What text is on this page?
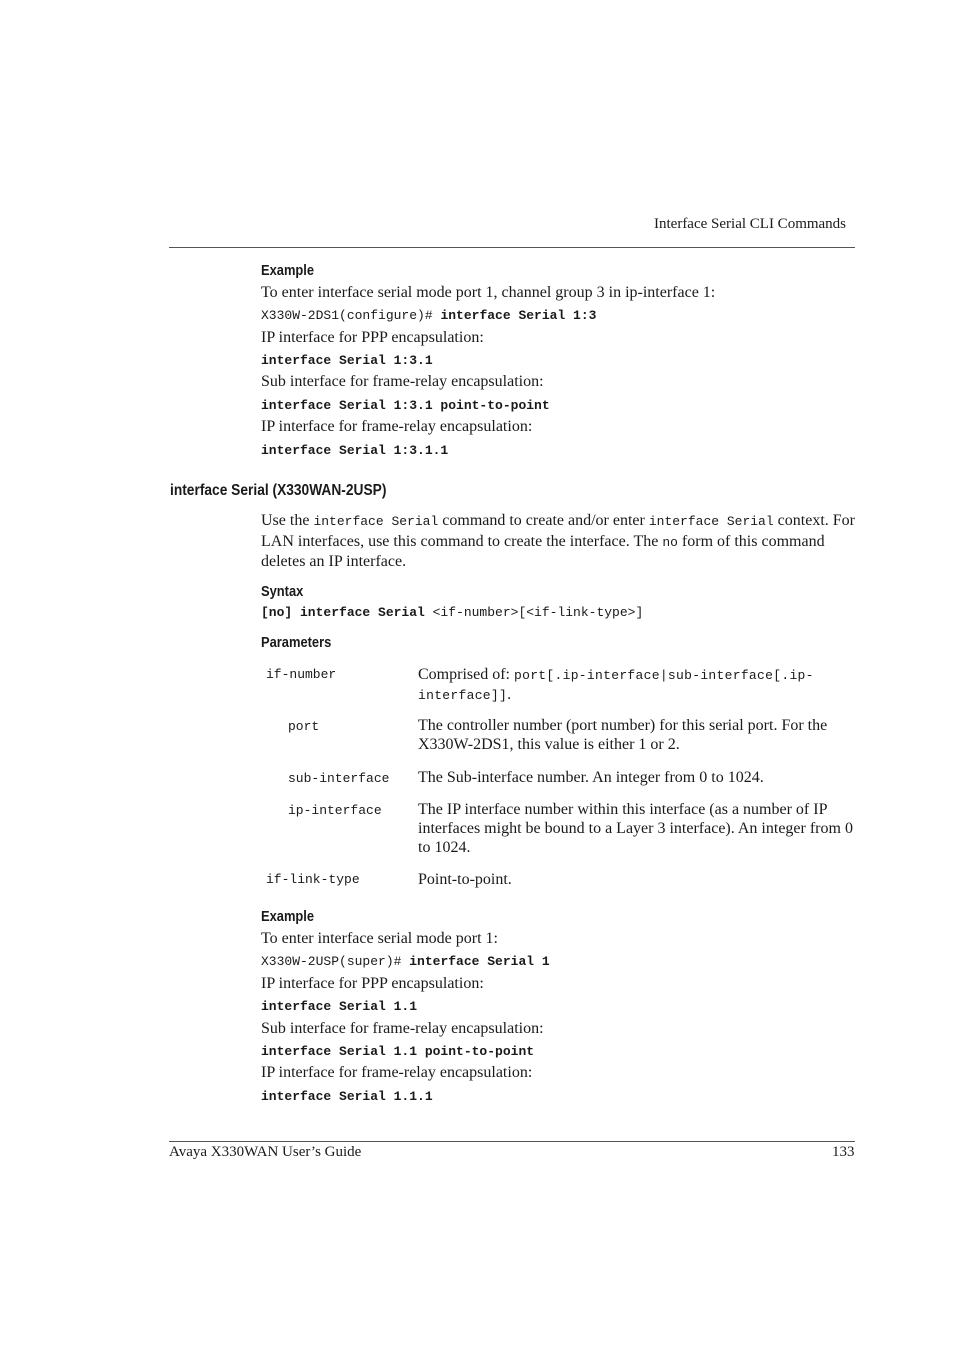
Interface Serial CLI Commands
Example
To enter interface serial mode port 1, channel group 3 in ip-interface 1:
X330W-2DS1(configure)# interface Serial 1:3
IP interface for PPP encapsulation:
interface Serial 1:3.1
Sub interface for frame-relay encapsulation:
interface Serial 1:3.1 point-to-point
IP interface for frame-relay encapsulation:
interface Serial 1:3.1.1
interface Serial (X330WAN-2USP)
Use the interface Serial command to create and/or enter interface Serial context. For LAN interfaces, use this command to create the interface. The no form of this command deletes an IP interface.
Syntax
[no] interface Serial <if-number>[<if-link-type>]
Parameters
if-number	Comprised of: port[.ip-interface|sub-interface[.ip-interface]].
port	The controller number (port number) for this serial port. For the X330W-2DS1, this value is either 1 or 2.
sub-interface The Sub-interface number. An integer from 0 to 1024.
ip-interface The IP interface number within this interface (as a number of IP interfaces might be bound to a Layer 3 interface). An integer from 0 to 1024.
if-link-type	Point-to-point.
Example
To enter interface serial mode port 1:
X330W-2USP(super)# interface Serial 1
IP interface for PPP encapsulation:
interface Serial 1.1
Sub interface for frame-relay encapsulation:
interface Serial 1.1 point-to-point
IP interface for frame-relay encapsulation:
interface Serial 1.1.1
Avaya X330WAN User’s Guide	133
